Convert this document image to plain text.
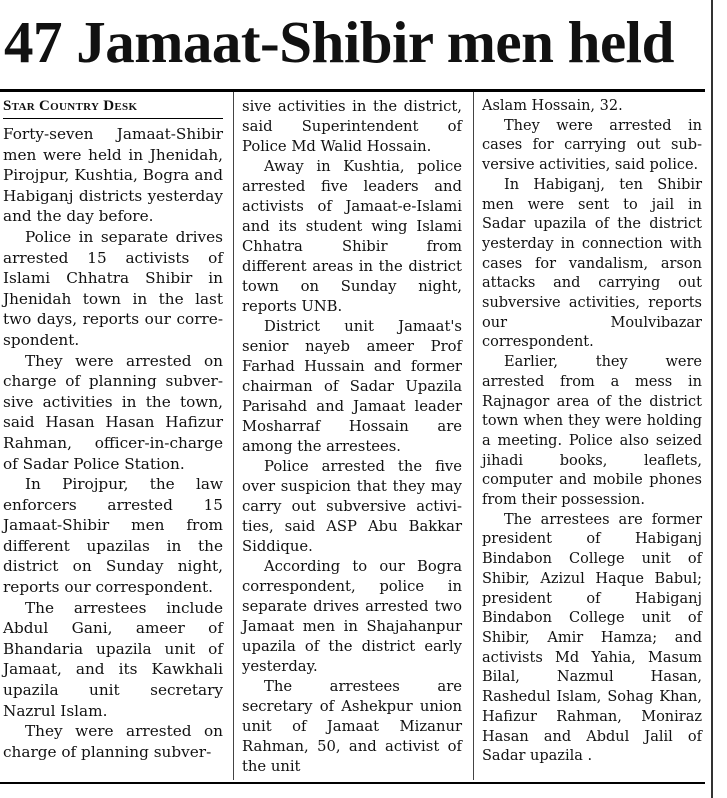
47 Jamaat-Shibir men held
Star Country Desk

Forty-seven Jamaat-Shibir men were held in Jhenidah, Pirojpur, Kushtia, Bogra and Habiganj districts yesterday and the day before.

Police in separate drives arrested 15 activists of Islami Chhatra Shibir in Jhenidah town in the last two days, reports our correspondent.

They were arrested on charge of planning subversive activities in the town, said Hasan Hasan Hafizur Rahman, officer-in-charge of Sadar Police Station.

In Pirojpur, the law enforcers arrested 15 Jamaat-Shibir men from different upazilas in the district on Sunday night, reports our correspondent.

The arrestees include Abdul Gani, ameer of Bhandaria upazila unit of Jamaat, and its Kawkhali upazila unit secretary Nazrul Islam.

They were arrested on charge of planning subver-

sive activities in the district, said Superintendent of Police Md Walid Hossain.

Away in Kushtia, police arrested five leaders and activists of Jamaat-e-Islami and its student wing Islami Chhatra Shibir from different areas in the district town on Sunday night, reports UNB.

District unit Jamaat's senior nayeb ameer Prof Farhad Hussain and former chairman of Sadar Upazila Parisahd and Jamaat leader Mosharraf Hossain are among the arrestees.

Police arrested the five over suspicion that they may carry out subversive activities, said ASP Abu Bakkar Siddique.

According to our Bogra correspondent, police in separate drives arrested two Jamaat men in Shajahanpur upazila of the district early yesterday.

The arrestees are secretary of Ashekpur union unit of Jamaat Mizanur Rahman, 50, and activist of the unit

Aslam Hossain, 32.

They were arrested in cases for carrying out subversive activities, said police.

In Habiganj, ten Shibir men were sent to jail in Sadar upazila of the district yesterday in connection with cases for vandalism, arson attacks and carrying out subversive activities, reports our Moulvibazar correspondent.

Earlier, they were arrested from a mess in Rajnagor area of the district town when they were holding a meeting. Police also seized jihadi books, leaflets, computer and mobile phones from their possession.

The arrestees are former president of Habiganj Bindabon College unit of Shibir, Azizul Haque Babul; president of Habiganj Bindabon College unit of Shibir, Amir Hamza; and activists Md Yahia, Masum Bilal, Nazmul Hasan, Rashedul Islam, Sohag Khan, Hafizur Rahman, Moniraz Hasan and Abdul Jalil of Sadar upazila .
